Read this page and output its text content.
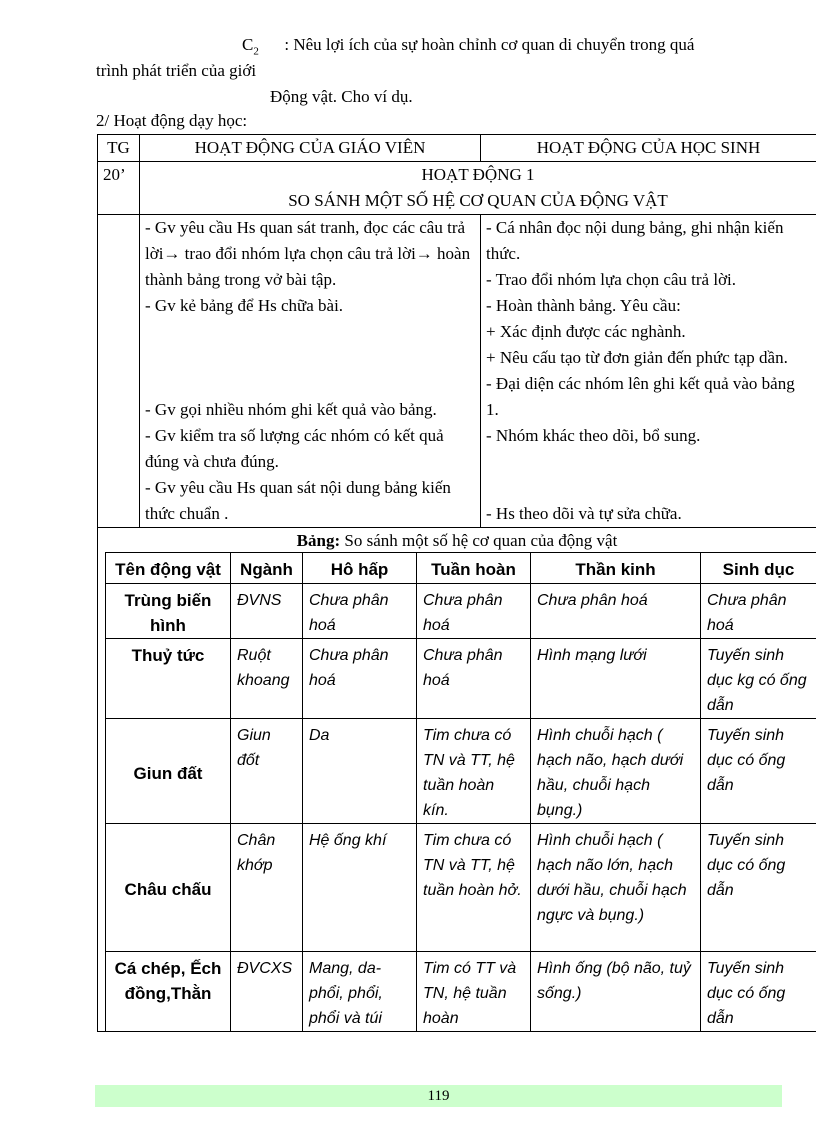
$C_2$ : Nêu lợi ích của sự hoàn chỉnh cơ quan di chuyển trong quá
trình phát triển của giới
Động vật. Cho ví dụ.
2/ Hoạt động dạy học:
TG	HOẠT ĐỘNG CỦA GIÁO VIÊN	HOẠT ĐỘNG CỦA HỌC SINH
20’	HOẠT ĐỘNG 1
SO SÁNH MỘT SỐ HỆ CƠ QUAN CỦA ĐỘNG VẬT

	- Gv yêu cầu Hs quan sát tranh, đọc các câu trả lời→ trao đổi nhóm lựa chọn câu trả lời→ hoàn thành bảng trong vở bài tập.
- Gv kẻ bảng để Hs chữa bài.

- Gv gọi nhiều nhóm ghi kết quả vào bảng.
- Gv kiểm tra số lượng các nhóm có kết quả đúng và chưa đúng.
- Gv yêu cầu Hs quan sát nội dung bảng kiến thức chuẩn .	- Cá nhân đọc nội dung bảng, ghi nhận kiến thức.
- Trao đổi nhóm lựa chọn câu trả lời.
- Hoàn thành bảng. Yêu cầu:
+ Xác định được các nghành.
+ Nêu cấu tạo từ đơn giản đến phức tạp dần.
- Đại diện các nhóm lên ghi kết quả vào bảng 1.
- Nhóm khác theo dõi, bổ sung.

- Hs theo dõi và tự sửa chữa.

Bảng: So sánh một số hệ cơ quan của động vật
Tên động vật	Ngành	Hô hấp	Tuần hoàn	Thần kinh	Sinh dục
Trùng biến hình	ĐVNS	Chưa phân hoá	Chưa phân hoá	Chưa phân hoá	Chưa phân hoá
Thuỷ tức	Ruột khoang	Chưa phân hoá	Chưa phân hoá	Hình mạng lưới	Tuyến sinh dục kg có ống dẫn
Giun đất	Giun đốt	Da	Tim chưa có TN và TT, hệ tuần hoàn kín.	Hình chuỗi hạch ( hạch não, hạch dưới hầu, chuỗi hạch bụng.)	Tuyến sinh dục có ống dẫn
Châu chấu	Chân khớp	Hệ ống khí	Tim chưa có TN và TT, hệ tuần hoàn hở.	Hình chuỗi hạch ( hạch não lớn, hạch dưới hầu, chuỗi hạch ngực và bụng.)	Tuyến sinh dục có ống dẫn
Cá chép, Ếch đồng,Thằn	ĐVCXS	Mang, da- phổi, phổi, phổi và túi	Tim có TT và TN, hệ tuần hoàn	Hình ống (bộ não, tuỷ sống.)	Tuyến sinh dục có ống dẫn
119
